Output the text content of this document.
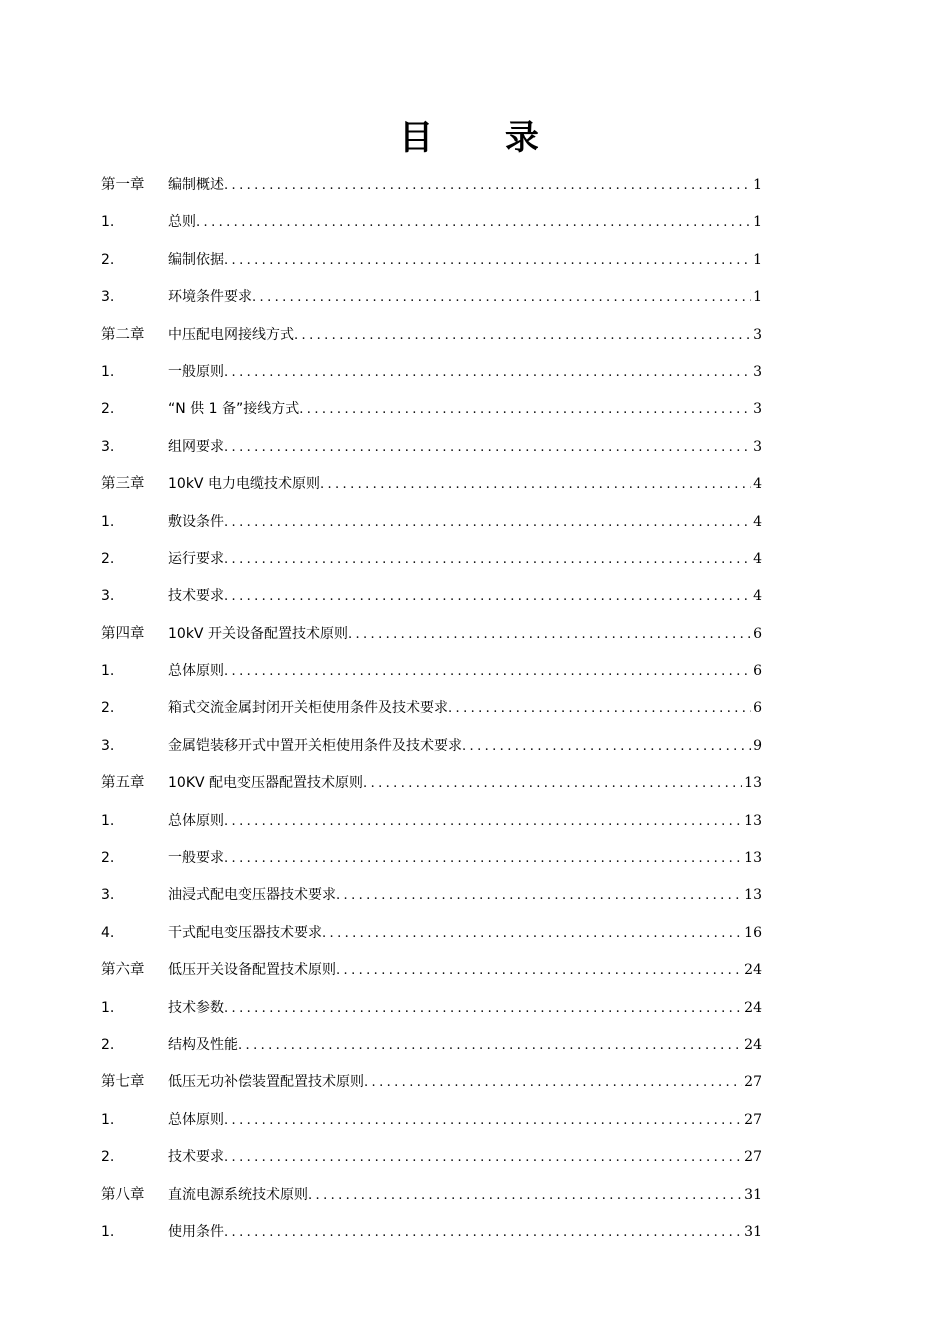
目 录
第一章	编制概述 .....	1
1.	总则 .....	1
2.	编制依据 .....	1
3.	环境条件要求 .....	1
第二章	中压配电网接线方式 .....	3
1.	一般原则 .....	3
2.	“N 供 1 备”接线方式 .....	3
3.	组网要求 .....	3
第三章	10kV 电力电缆技术原则 .....	4
1.	敷设条件 .....	4
2.	运行要求 .....	4
3.	技术要求 .....	4
第四章	10kV 开关设备配置技术原则 .....	6
1.	总体原则 .....	6
2.	箱式交流金属封闭开关柜使用条件及技术要求 .....	6
3.	金属铠装移开式中置开关柜使用条件及技术要求 .....	9
第五章	10KV 配电变压器配置技术原则 .....	13
1.	总体原则 .....	13
2.	一般要求 .....	13
3.	油浸式配电变压器技术要求 .....	13
4.	干式配电变压器技术要求 .....	16
第六章	低压开关设备配置技术原则 .....	24
1.	技术参数 .....	24
2.	结构及性能 .....	24
第七章	低压无功补偿装置配置技术原则 .....	27
1.	总体原则 .....	27
2.	技术要求 .....	27
第八章	直流电源系统技术原则 .....	31
1.	使用条件 .....	31
